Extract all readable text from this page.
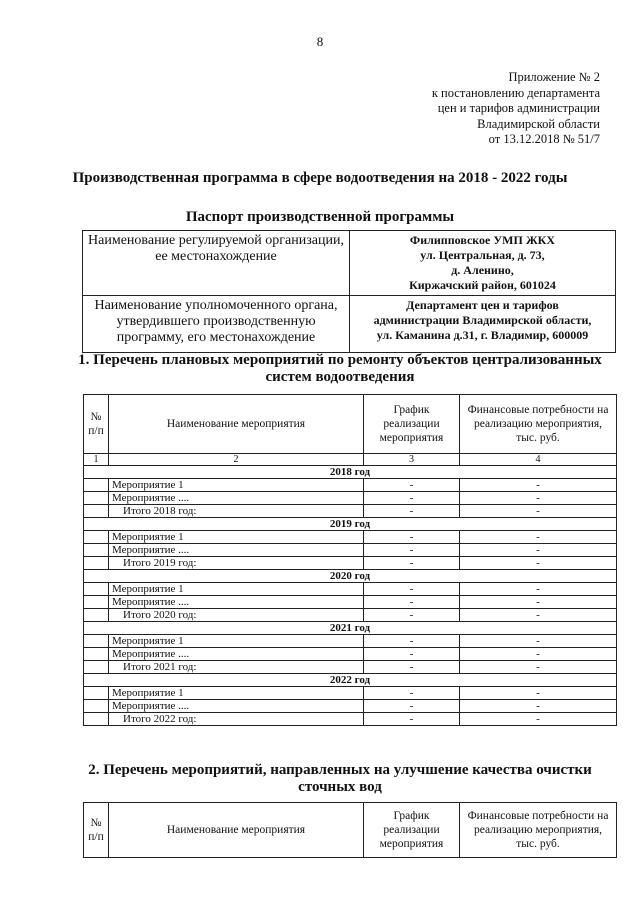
8
Приложение № 2
к постановлению департамента
цен и тарифов администрации
Владимирской области
от 13.12.2018 № 51/7
Производственная программа в сфере водоотведения на 2018 - 2022 годы
Паспорт производственной программы
Наименование регулируемой организации, ее местонахождение	Филипповское УМП ЖКХ
ул. Центральная, д. 73,
д. Аленино,
Киржачский район, 601024

Наименование уполномоченного органа, утвердившего производственную программу, его местонахождение	Департамент цен и тарифов
администрации Владимирской области,
ул. Каманина д.31, г. Владимир, 600009
1. Перечень плановых мероприятий по ремонту объектов централизованных систем водоотведения
№ п/п	Наименование мероприятия	График реализации мероприятия	Финансовые потребности на реализацию мероприятия, тыс. руб.
1	2	3	4
2018 год			
	Мероприятие 1	-	-
	Мероприятие ....	-	-
	Итого 2018 год:	-	-
2019 год			
	Мероприятие 1	-	-
	Мероприятие ....	-	-
	Итого 2019 год:	-	-
2020 год			
	Мероприятие 1	-	-
	Мероприятие ....	-	-
	Итого 2020 год:	-	-
2021 год			
	Мероприятие 1	-	-
	Мероприятие ....	-	-
	Итого 2021 год:	-	-
2022 год			
	Мероприятие 1	-	-
	Мероприятие ....	-	-
	Итого 2022 год:	-	-
2. Перечень мероприятий, направленных на улучшение качества очистки сточных вод
№ п/п	Наименование мероприятия	График реализации мероприятия	Финансовые потребности на реализацию мероприятия, тыс. руб.
